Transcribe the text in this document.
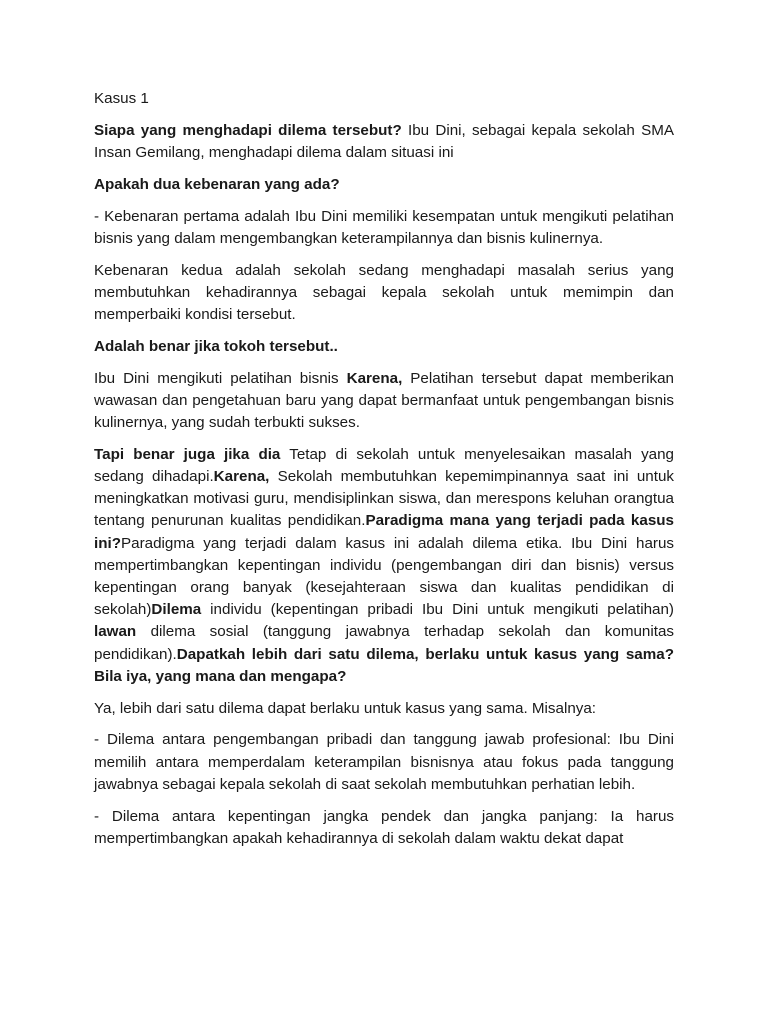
Kasus 1

Siapa yang menghadapi dilema tersebut? Ibu Dini, sebagai kepala sekolah SMA Insan Gemilang, menghadapi dilema dalam situasi ini

Apakah dua kebenaran yang ada?

- Kebenaran pertama adalah Ibu Dini memiliki kesempatan untuk mengikuti pelatihan bisnis yang dalam mengembangkan keterampilannya dan bisnis kulinernya.

Kebenaran kedua adalah sekolah sedang menghadapi masalah serius yang membutuhkan kehadirannya sebagai kepala sekolah untuk memimpin dan memperbaiki kondisi tersebut.

Adalah benar jika tokoh tersebut..

Ibu Dini mengikuti pelatihan bisnis Karena, Pelatihan tersebut dapat memberikan wawasan dan pengetahuan baru yang dapat bermanfaat untuk pengembangan bisnis kulinernya, yang sudah terbukti sukses.

Tapi benar juga jika dia Tetap di sekolah untuk menyelesaikan masalah yang sedang dihadapi.Karena, Sekolah membutuhkan kepemimpinannya saat ini untuk meningkatkan motivasi guru, mendisiplinkan siswa, dan merespons keluhan orangtua tentang penurunan kualitas pendidikan.Paradigma mana yang terjadi pada kasus ini?Paradigma yang terjadi dalam kasus ini adalah dilema etika. Ibu Dini harus mempertimbangkan kepentingan individu (pengembangan diri dan bisnis) versus kepentingan orang banyak (kesejahteraan siswa dan kualitas pendidikan di sekolah)Dilema individu (kepentingan pribadi Ibu Dini untuk mengikuti pelatihan) lawan dilema sosial (tanggung jawabnya terhadap sekolah dan komunitas pendidikan).Dapatkah lebih dari satu dilema, berlaku untuk kasus yang sama? Bila iya, yang mana dan mengapa?

Ya, lebih dari satu dilema dapat berlaku untuk kasus yang sama. Misalnya:

- Dilema antara pengembangan pribadi dan tanggung jawab profesional: Ibu Dini memilih antara memperdalam keterampilan bisnisnya atau fokus pada tanggung jawabnya sebagai kepala sekolah di saat sekolah membutuhkan perhatian lebih.

- Dilema antara kepentingan jangka pendek dan jangka panjang: Ia harus mempertimbangkan apakah kehadirannya di sekolah dalam waktu dekat dapat
